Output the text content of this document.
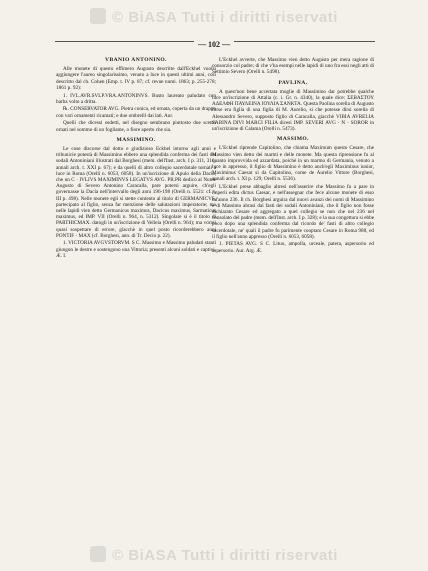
© BiASA Tutti i diritti riservati
© BiASA Tutti i diritti riservati
— 102 —
VBANIO ANTONINO.

Alle monete di questo effimero Augusto descritte dall'Eckhel vuolsi aggiungere l'aureo singolarissimo, venuto a luce in questi ultimi anni, così descritto dal ch. Cohen (Emp. t. IV p. 87; cf. revue numi. 1863; p. 255-278; 1861 p. 92):

1. IVL.AVR.SVLP.VRA.ANTONINVS. Busto laureato paludato con barba volto a dritta.

℞. CONSERVATOR AVG. Pietra conica, ed ornata, coperta da un drappo con vari ornamenti ricamati; e due ombrelli dai lati. Aur.

Quelli che dicessi osdetti, nel disegno sembrano piuttosto due scettri ornati nel sommo di un fogliame, o fiore aperto che sia.

MASSIMINO.

Le cose discorse dal dotto e giudizioso Eckhel intorno agli anni e tribunicie potestà di Massimino ebbero una splendida conferma dei fasti dei sodali Antoniniani illustrati dal Borghesi (mem. dell'Inst. arch. I p. 311, 316; annali arch. t. XXI p. 67); e da quelli di altro collegio sacerdotale tornati a luce in Roma (Orelli n. 6053, 6058). In un'iscrizione di Apulo della Dacia, che un C · IVLIVS MAXIMINVS LEGATVS AVG. PR.PR dedicò al Nume Augusto di Severo Antonino Caracalla, pare potersi arguire, ch'egli governasse la Dacia nell'intervallo degli anni 196-198 (Orelli n. 5521: cf. t. III p. 498). Nelle monete egli si stette contento al titolo di GERMANICVS, partecipato al figlio, senza far menzione delle salutazioni imperatorie; ma nelle lapidi vien detto Germanicus maximus, Dacicus maximus, Sarmaticus maximus, ed IMP. VII (Orelli n. 964, n. 5312). Singolare si è il titolo di PARTHICMAX. datogli in un'iscrizione di Velleia (Orelli n. 964); ma vorrei quasi sospettare di errore, giacchè in quel posto ricorderebbero anni PONTIF · MAX (cf. Borghesi, ann. di Tr. Decio p. 22).

1. VICTORIA AVGVSTORVM. S C. Massimo e Massimo paludati stanti giungon le destre e sostengono una Vittoria; presenti alcuni soldati e captivi. Æ. I.

L'Eckhel avverte, che Massimo vien detto Augusto per mera ragione di consorzio col padre; di che v'ha esempi nelle lapidi di uno fra essi negli atti di Settimio Severo (Orelli n. 5498).

PAVLINA.

A quest'non bene accertata moglie di Massimino dar potrebbe qualche luce un'iscrizione di Attalia (c. i. Gr. n. 4340), la quale dice: ΣΕΒΑΣΤΟΥ ΑΔΕΛΦΗ ΠΑΥΛΕΙΝΑ ΙΟΥΛΙΑ ΣΑΝΚΤΑ. Questa Paolina sorella di Augusto forse era figlia di una figlia di M. Aurelio, si che potesse dirsi sorella di Alessandro Severo, supposto figlio di Caracalla, giacchè VIBIA AVRELIA SABINA DIVI MARCI FILIA dicesi IMP. SEVERI AVG · N · SOROR in un'iscrizione di Calama (Orelli n. 5473).

MASSIMO.

L'Eckhel riprende Capitolino, che chiama Maximum questo Cesare, che Massimo vien detto dei marmi e delle monete. Ma questa riprensione fu al quanto improvvida ed azzardata, poichè in un marmo di Germania, venuto a luce in appresso, il figlio di Massimino è detto anch'egli Maximinus iunior, Maximinus Caesar sì da Capitolino, come de Aurelio Vittore (Borghesi, annali arch. t. XI p. 129; Orelli n. 5536).

L'Eckhel prese abbaglio altresi nell'asserire che Massimo fu a pare in imperii edita dictus Caesar, e nell'assegnar che fece alcune monete di esso tal'anno 236. Il ch. Borghesi arguira dal nuovi avanzi dei nomi di Massimino e di Massimo abrasi dai fasti dei sodali Antoniniani, che il figlio non fosse dichiarato Cesare ed aggregato a quel collegio se non che nel 236 nel consolato del padre (mem. dell'Inst. arch. I p. 328); e la sua congettura si ebbe poco dopo una splendida conferma dal ricordo de' fasti di altro collegio sacerdotale, ne' quali il padre fu parimente cooptato Cesare in Roma 988, ed il figlio nell'anno appresso (Orelli n. 6053, 6058).

1. PIETAS AVG. S C. Lituo, ampolla, urceale, patera, aspersorio ed aspersorio. Aur. Arg. Æ.
